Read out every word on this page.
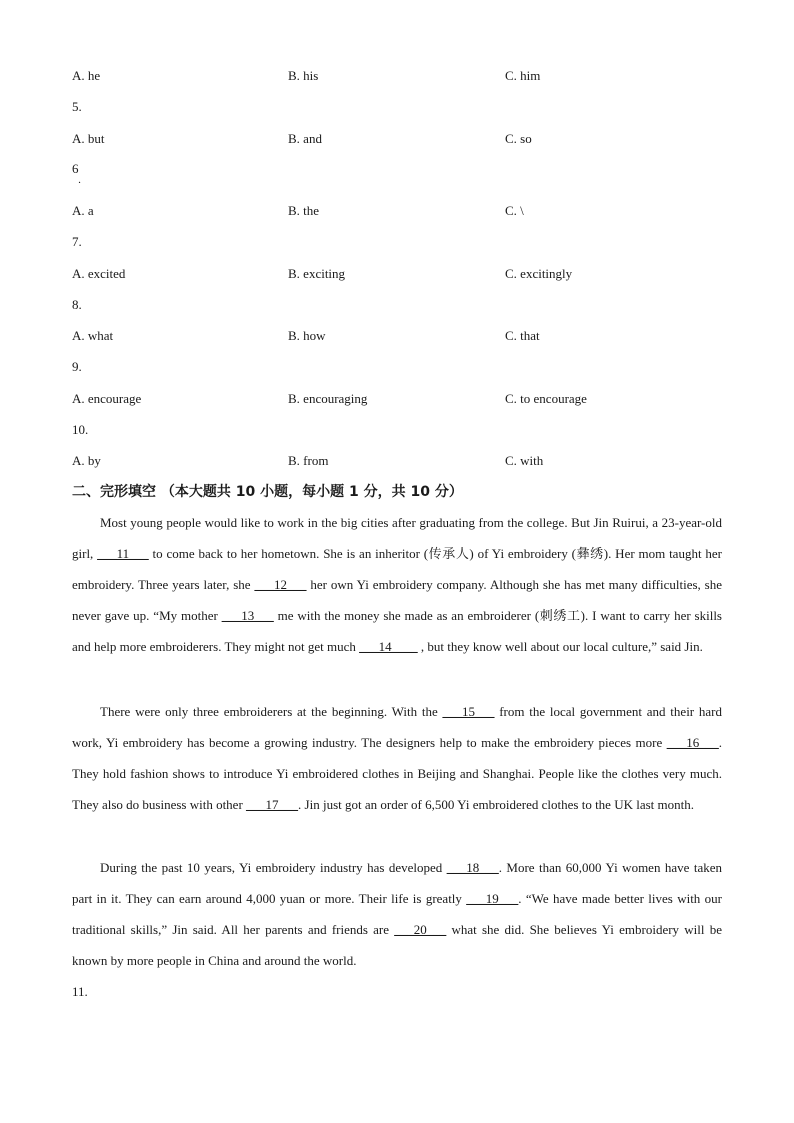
A. he	B. his	C. him
5.
A. but	B. and	C. so
6
．
A. a	B. the	C. \
7.
A. excited	B. exciting	C. excitingly
8.
A. what	B. how	C. that
9.
A. encourage	B. encouraging	C. to encourage
10.
A. by	B. from	C. with
二、完形填空 （本大题共 10 小题，每小题 1 分，共 10 分）

Most young people would like to work in the big cities after graduating from the college. But Jin Ruirui, a 23-year-old girl, ___11___ to come back to her hometown. She is an inheritor (传承人) of Yi embroidery (彝绣). Her mom taught her embroidery. Three years later, she ___12___ her own Yi embroidery company. Although she has met many difficulties, she never gave up. “My mother ___13___ me with the money she made as an embroiderer (刺绣工). I want to carry her skills and help more embroiderers. They might not get much ___14____ , but they know well about our local culture,” said Jin.

There were only three embroiderers at the beginning. With the ___15___ from the local government and their hard work, Yi embroidery has become a growing industry. The designers help to make the embroidery pieces more ___16___. They hold fashion shows to introduce Yi embroidered clothes in Beijing and Shanghai. People like the clothes very much. They also do business with other ___17___. Jin just got an order of 6,500 Yi embroidered clothes to the UK last month.

During the past 10 years, Yi embroidery industry has developed ___18___. More than 60,000 Yi women have taken part in it. They can earn around 4,000 yuan or more. Their life is greatly ___19___. “We have made better lives with our traditional skills,” Jin said. All her parents and friends are ___20___ what she did. She believes Yi embroidery will be known by more people in China and around the world.

11.
